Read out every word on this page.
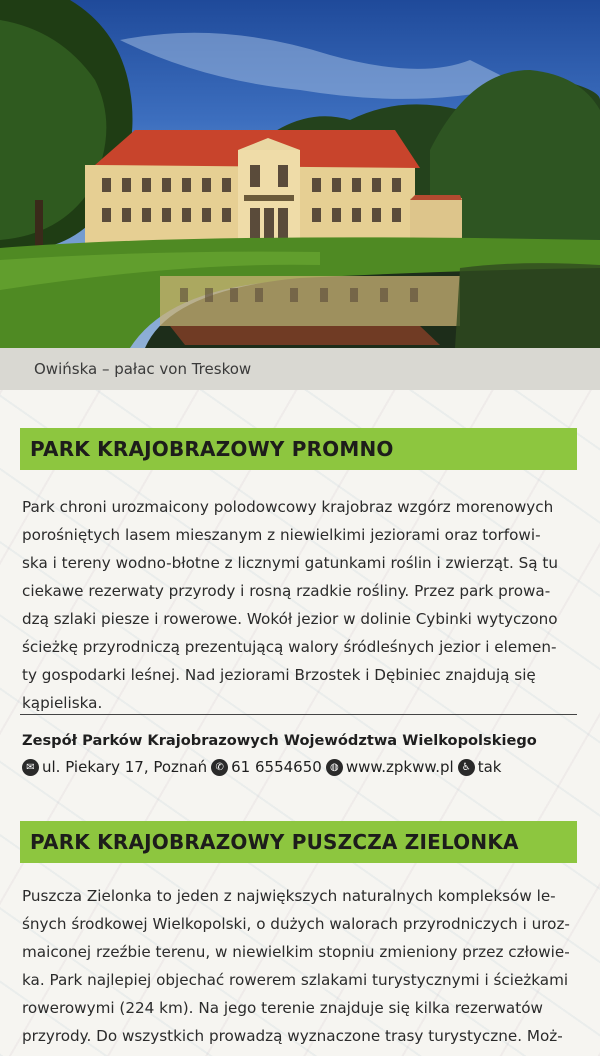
Owińska – pałac von Treskow
PARK KRAJOBRAZOWY PROMNO
Park chroni urozmaicony polodowcowy krajobraz wzgórz morenowych
porośniętych lasem mieszanym z niewielkimi jeziorami oraz torfowi-
ska i tereny wodno-błotne z licznymi gatunkami roślin i zwierząt. Są tu
ciekawe rezerwaty przyrody i rosną rzadkie rośliny. Przez park prowa-
dzą szlaki piesze i rowerowe. Wokół jezior w dolinie Cybinki wytyczono
ścieżkę przyrodniczą prezentującą walory śródleśnych jezior i elemen-
ty gospodarki leśnej. Nad jeziorami Brzostek i Dębiniec znajdują się
kąpieliska.
Zespół Parków Krajobrazowych Województwa Wielkopolskiego
✉ ul. Piekary 17, Poznań ✆ 61 6554650 ◍ www.zpkww.pl ♿ tak
PARK KRAJOBRAZOWY PUSZCZA ZIELONKA
Puszcza Zielonka to jeden z największych naturalnych kompleksów le-
śnych środkowej Wielkopolski, o dużych walorach przyrodniczych i uroz-
maiconej rzeźbie terenu, w niewielkim stopniu zmieniony przez człowie-
ka. Park najlepiej objechać rowerem szlakami turystycznymi i ścieżkami
rowerowymi (224 km). Na jego terenie znajduje się kilka rezerwatów
przyrody. Do wszystkich prowadzą wyznaczone trasy turystyczne. Moż-
